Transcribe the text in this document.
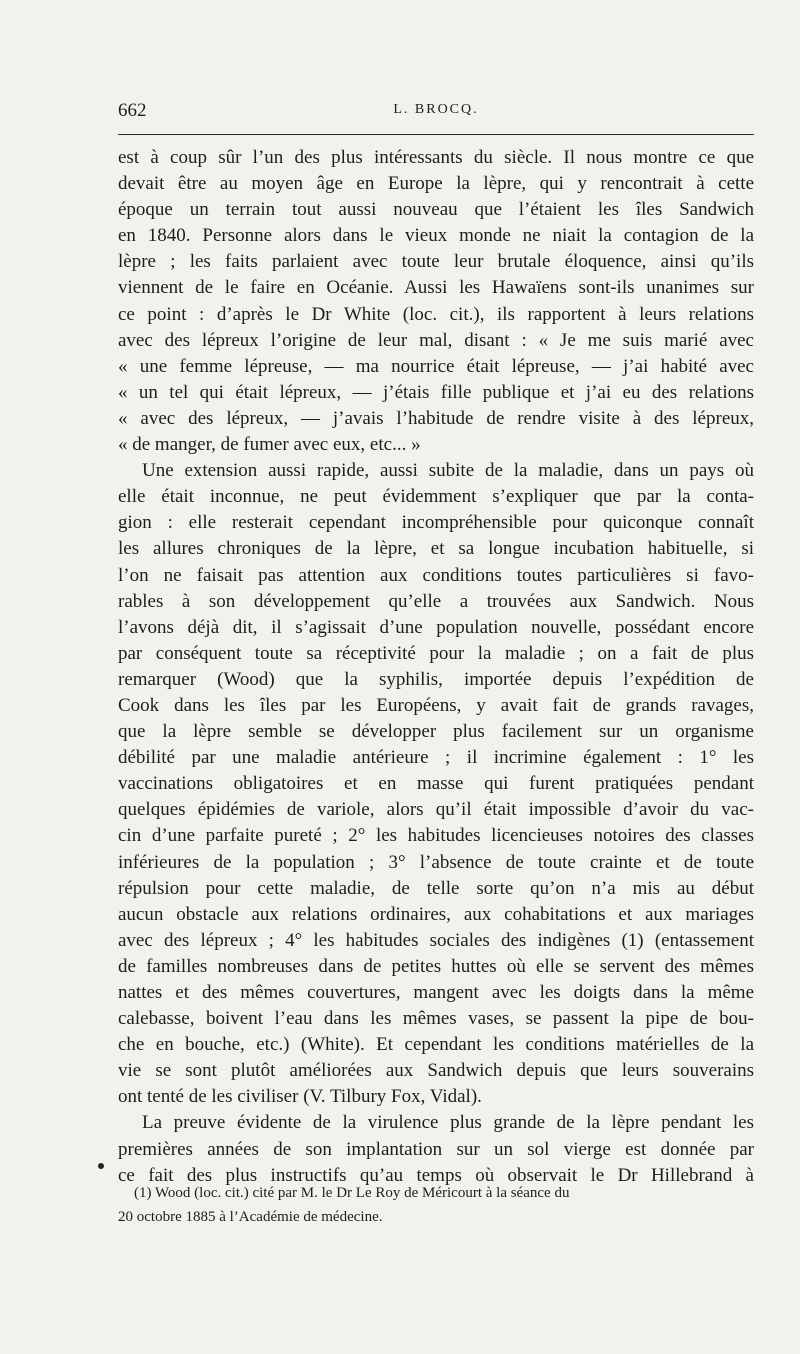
662	L. BROCQ.
est à coup sûr l’un des plus intéressants du siècle. Il nous montre ce que
devait être au moyen âge en Europe la lèpre, qui y rencontrait à cette
époque un terrain tout aussi nouveau que l’étaient les îles Sandwich
en 1840. Personne alors dans le vieux monde ne niait la contagion de la
lèpre ; les faits parlaient avec toute leur brutale éloquence, ainsi qu’ils
viennent de le faire en Océanie. Aussi les Hawaïens sont-ils unanimes sur
ce point : d’après le Dr White (loc. cit.), ils rapportent à leurs relations
avec des lépreux l’origine de leur mal, disant : « Je me suis marié avec
« une femme lépreuse, — ma nourrice était lépreuse, — j’ai habité avec
« un tel qui était lépreux, — j’étais fille publique et j’ai eu des relations
« avec des lépreux, — j’avais l’habitude de rendre visite à des lépreux,
« de manger, de fumer avec eux, etc... »
Une extension aussi rapide, aussi subite de la maladie, dans un pays où
elle était inconnue, ne peut évidemment s’expliquer que par la conta-
gion : elle resterait cependant incompréhensible pour quiconque connaît
les allures chroniques de la lèpre, et sa longue incubation habituelle, si
l’on ne faisait pas attention aux conditions toutes particulières si favo-
rables à son développement qu’elle a trouvées aux Sandwich. Nous
l’avons déjà dit, il s’agissait d’une population nouvelle, possédant encore
par conséquent toute sa réceptivité pour la maladie ; on a fait de plus
remarquer (Wood) que la syphilis, importée depuis l’expédition de
Cook dans les îles par les Européens, y avait fait de grands ravages,
que la lèpre semble se développer plus facilement sur un organisme
débilité par une maladie antérieure ; il incrimine également : 1° les
vaccinations obligatoires et en masse qui furent pratiquées pendant
quelques épidémies de variole, alors qu’il était impossible d’avoir du vac-
cin d’une parfaite pureté ; 2° les habitudes licencieuses notoires des classes
inférieures de la population ; 3° l’absence de toute crainte et de toute
répulsion pour cette maladie, de telle sorte qu’on n’a mis au début
aucun obstacle aux relations ordinaires, aux cohabitations et aux mariages
avec des lépreux ; 4° les habitudes sociales des indigènes (1) (entassement
de familles nombreuses dans de petites huttes où elle se servent des mêmes
nattes et des mêmes couvertures, mangent avec les doigts dans la même
calebasse, boivent l’eau dans les mêmes vases, se passent la pipe de bou-
che en bouche, etc.) (White). Et cependant les conditions matérielles de la
vie se sont plutôt améliorées aux Sandwich depuis que leurs souverains
ont tenté de les civiliser (V. Tilbury Fox, Vidal).
La preuve évidente de la virulence plus grande de la lèpre pendant les
premières années de son implantation sur un sol vierge est donnée par
ce fait des plus instructifs qu’au temps où observait le Dr Hillebrand à
(1) Wood (loc. cit.) cité par M. le Dr Le Roy de Méricourt à la séance du
20 octobre 1885 à l’Académie de médecine.
